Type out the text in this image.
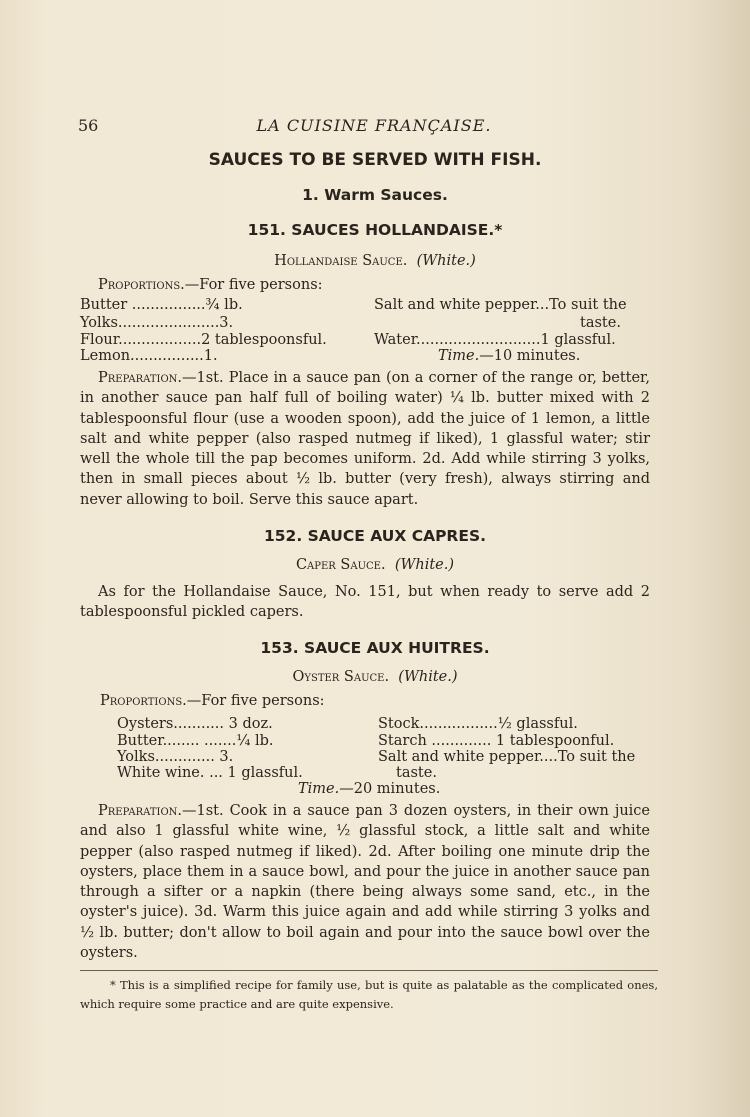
56	LA CUISINE FRANÇAISE.
SAUCES TO BE SERVED WITH FISH.
1. Warm Sauces.
151. SAUCES HOLLANDAISE.*
Hollandaise Sauce. (White.)
Proportions.—For five persons:
Butter ................¾ lb.
Yolks......................3.
Flour..................2 tablespoonsful.
Lemon................1.
Salt and white pepper...To suit the
taste.
Water...........................1 glassful.
Time.—10 minutes.
Preparation.—1st. Place in a sauce pan (on a corner of the range or, better, in another sauce pan half full of boiling water) ¼ lb. butter mixed with 2 tablespoonsful flour (use a wooden spoon), add the juice of 1 lemon, a little salt and white pepper (also rasped nutmeg if liked), 1 glassful water; stir well the whole till the pap becomes uniform. 2d. Add while stirring 3 yolks, then in small pieces about ½ lb. butter (very fresh), always stirring and never allowing to boil. Serve this sauce apart.
152. SAUCE AUX CAPRES.
Caper Sauce. (White.)
As for the Hollandaise Sauce, No. 151, but when ready to serve add 2 tablespoonsful pickled capers.
153. SAUCE AUX HUITRES.
Oyster Sauce. (White.)
Proportions.—For five persons:
Oysters........... 3 doz.
Butter........ .......¼ lb.
Yolks............. 3.
White wine. ... 1 glassful.
Stock.................½ glassful.
Starch ............. 1 tablespoonful.
Salt and white pepper....To suit the
taste.
Time.—20 minutes.
Preparation.—1st. Cook in a sauce pan 3 dozen oysters, in their own juice and also 1 glassful white wine, ½ glassful stock, a little salt and white pepper (also rasped nutmeg if liked). 2d. After boiling one minute drip the oysters, place them in a sauce bowl, and pour the juice in another sauce pan through a sifter or a napkin (there being always some sand, etc., in the oyster's juice). 3d. Warm this juice again and add while stirring 3 yolks and ½ lb. butter; don't allow to boil again and pour into the sauce bowl over the oysters.
* This is a simplified recipe for family use, but is quite as palatable as the complicated ones, which require some practice and are quite expensive.
